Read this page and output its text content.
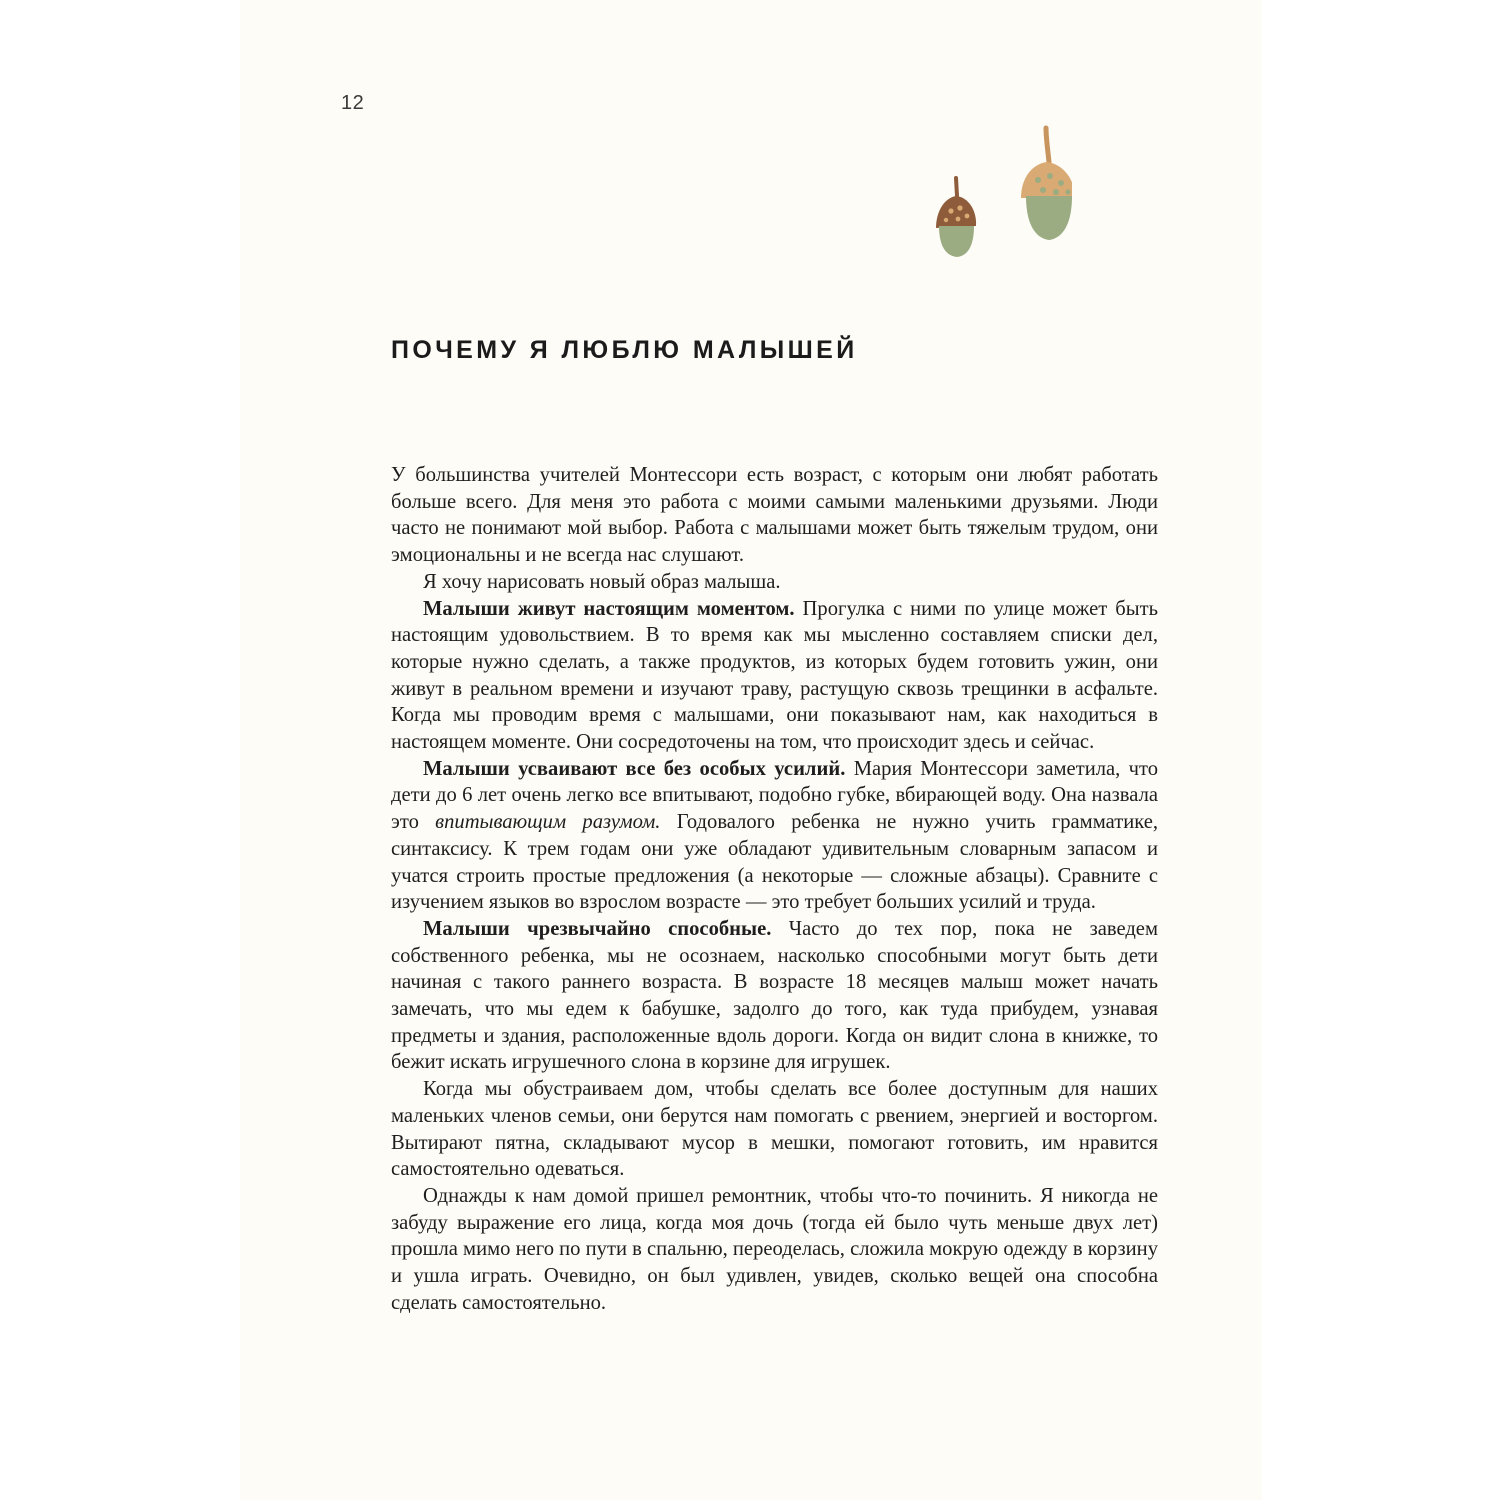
12
ПОЧЕМУ Я ЛЮБЛЮ МАЛЫШЕЙ

У большинства учителей Монтессори есть возраст, с которым они любят работать больше всего. Для меня это работа с моими самыми маленькими друзьями. Люди часто не понимают мой выбор. Работа с малышами может быть тяжелым трудом, они эмоциональны и не всегда нас слушают.

Я хочу нарисовать новый образ малыша.

Малыши живут настоящим моментом. Прогулка с ними по улице может быть настоящим удовольствием. В то время как мы мысленно составляем списки дел, которые нужно сделать, а также продуктов, из которых будем готовить ужин, они живут в реальном времени и изучают траву, растущую сквозь трещинки в асфальте. Когда мы проводим время с малышами, они показывают нам, как находиться в настоящем моменте. Они сосредоточены на том, что происходит здесь и сейчас.

Малыши усваивают все без особых усилий. Мария Монтессори заметила, что дети до 6 лет очень легко все впитывают, подобно губке, вбирающей воду. Она назвала это впитывающим разумом. Годовалого ребенка не нужно учить грамматике, синтаксису. К трем годам они уже обладают удивительным словарным запасом и учатся строить простые предложения (а некоторые — сложные абзацы). Сравните с изучением языков во взрослом возрасте — это требует больших усилий и труда.

Малыши чрезвычайно способные. Часто до тех пор, пока не заведем собственного ребенка, мы не осознаем, насколько способными могут быть дети начиная с такого раннего возраста. В возрасте 18 месяцев малыш может начать замечать, что мы едем к бабушке, задолго до того, как туда прибудем, узнавая предметы и здания, расположенные вдоль дороги. Когда он видит слона в книжке, то бежит искать игрушечного слона в корзине для игрушек.

Когда мы обустраиваем дом, чтобы сделать все более доступным для наших маленьких членов семьи, они берутся нам помогать с рвением, энергией и восторгом. Вытирают пятна, складывают мусор в мешки, помогают готовить, им нравится самостоятельно одеваться.

Однажды к нам домой пришел ремонтник, чтобы что-то починить. Я никогда не забуду выражение его лица, когда моя дочь (тогда ей было чуть меньше двух лет) прошла мимо него по пути в спальню, переоделась, сложила мокрую одежду в корзину и ушла играть. Очевидно, он был удивлен, увидев, сколько вещей она способна сделать самостоятельно.
